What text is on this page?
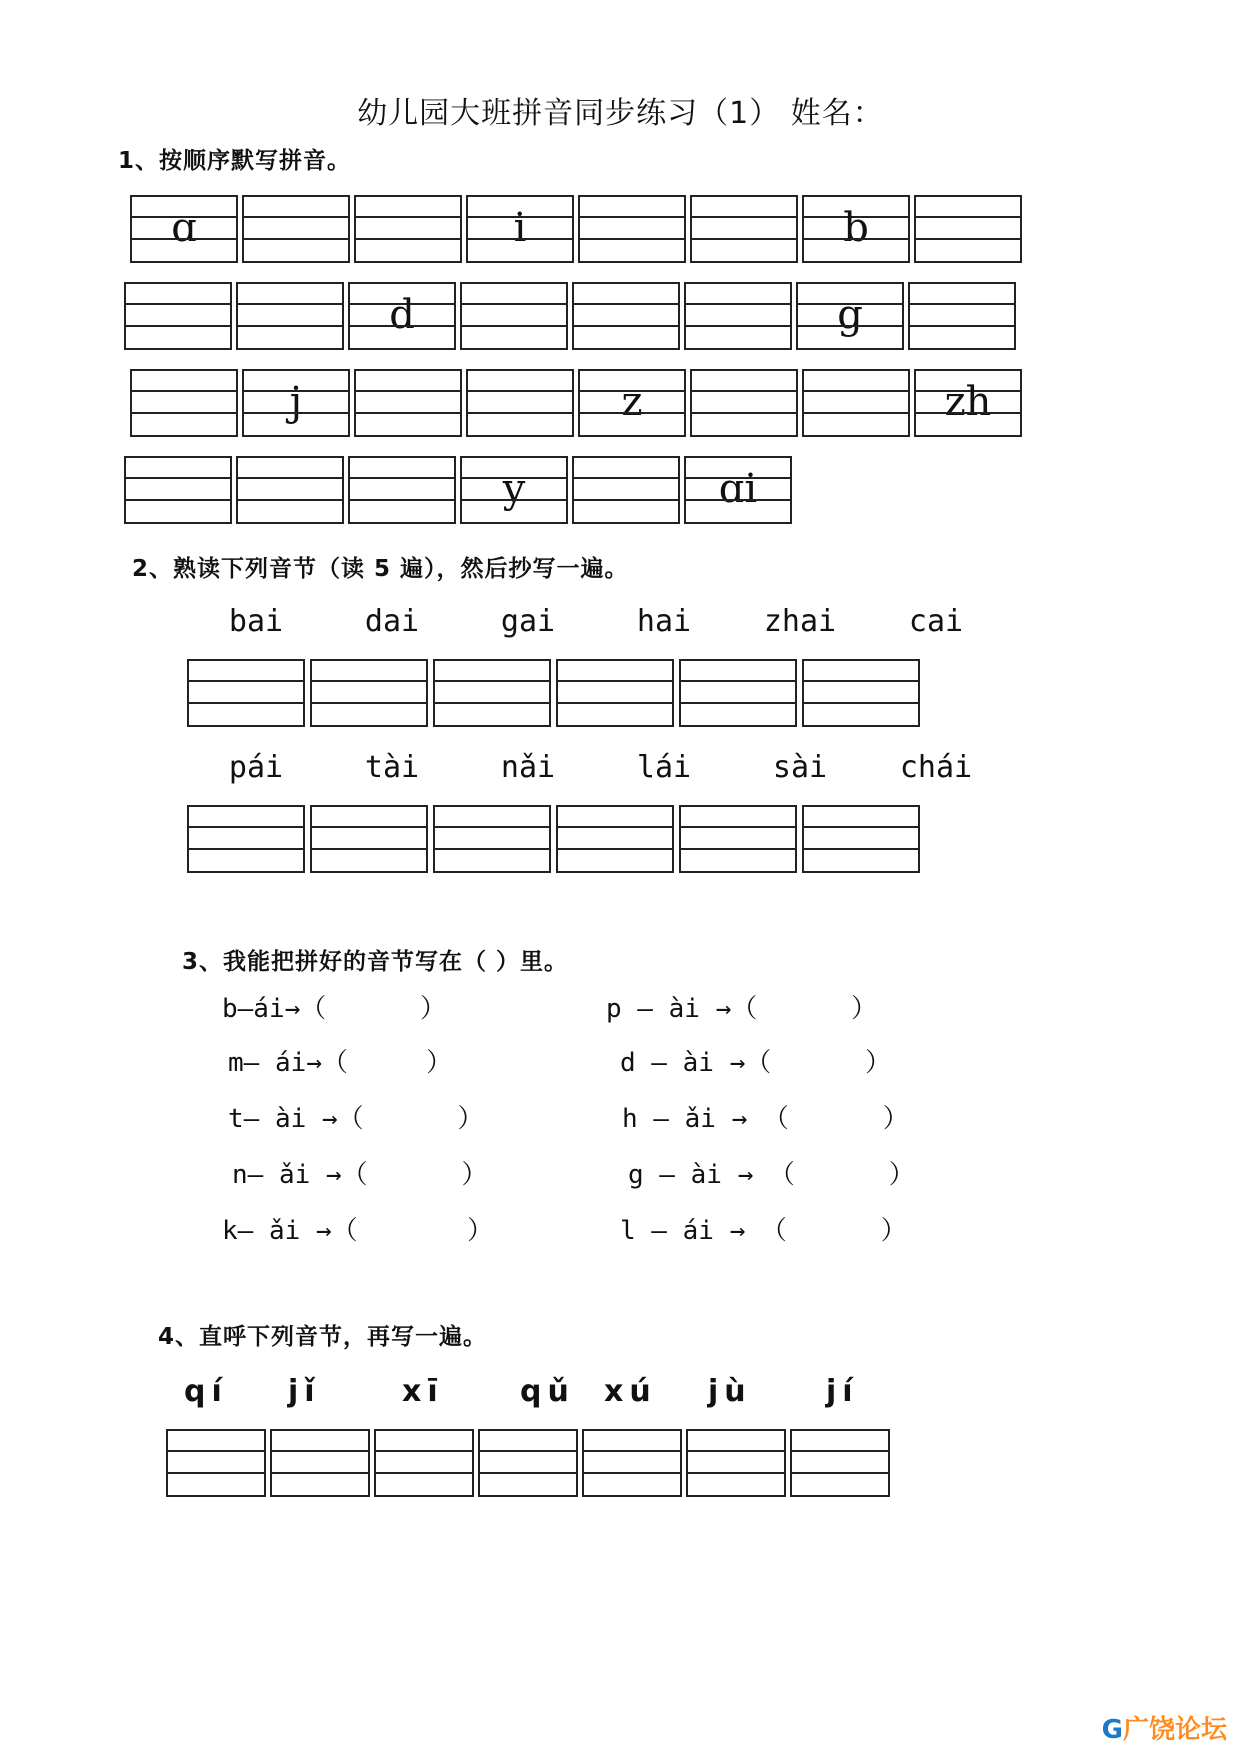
幼儿园大班拼音同步练习（1） 姓名：
1、按顺序默写拼音。
ɑ	i	b
d	g
j	z	zh
y	ɑi
2、熟读下列音节（读 5 遍），然后抄写一遍。
bai	dai	gai	hai	zhai	cai
pái	tài	nǎi	lái	sài	chái
3、我能把拼好的音节写在（ ）里。
b—ái→（      ）
m— ái→（     ）
t— ài →（      ）
n— ǎi →（      ）
k— ǎi →（       ）
p — ài →（      ）
d — ài →（      ）
h — ǎi → （      ）
g — ài → （      ）
l — ái → （      ）
4、直呼下列音节，再写一遍。
qí jǐ	xī	qǔ xú jù jí
G广饶论坛
